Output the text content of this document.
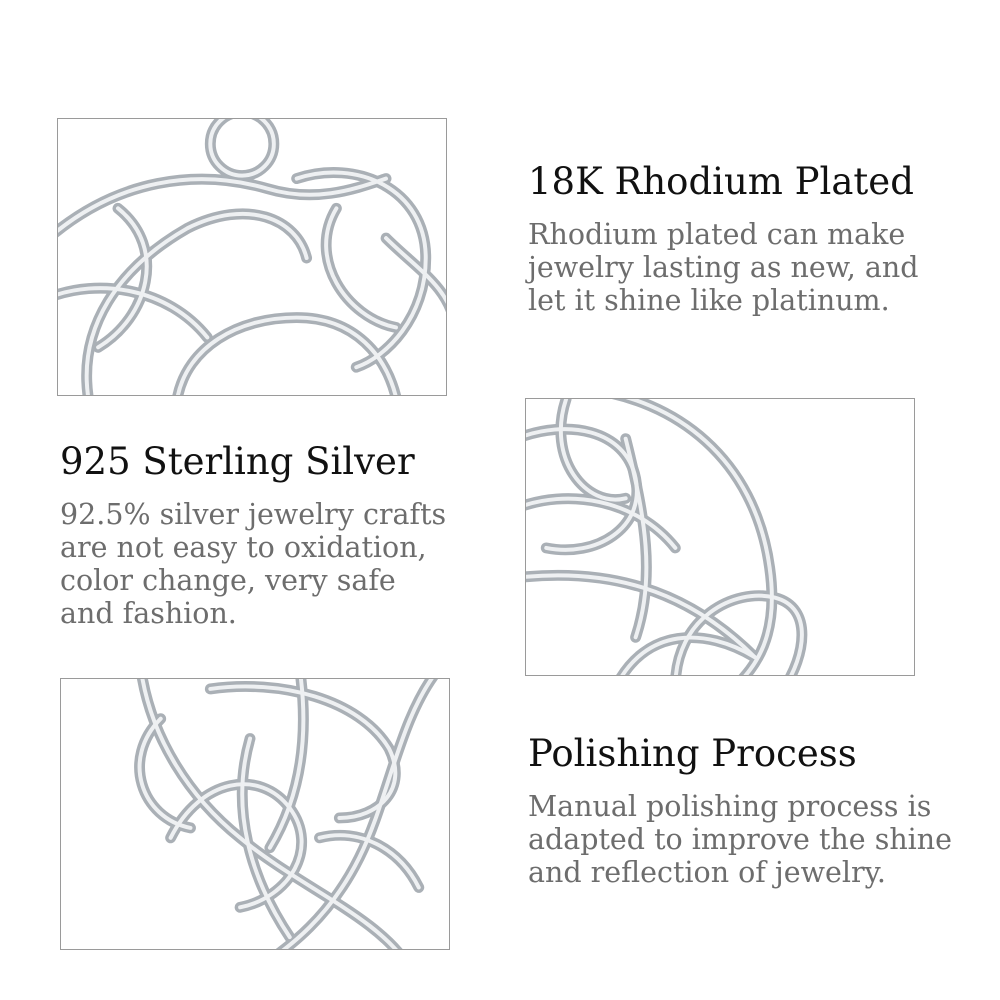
18K Rhodium Plated

Rhodium plated can make
jewelry lasting as new, and
let it shine like platinum.

925 Sterling Silver

92.5% silver jewelry crafts
are not easy to oxidation,
color change, very safe
and fashion.

Polishing Process

Manual polishing process is
adapted to improve the shine
and reflection of jewelry.
